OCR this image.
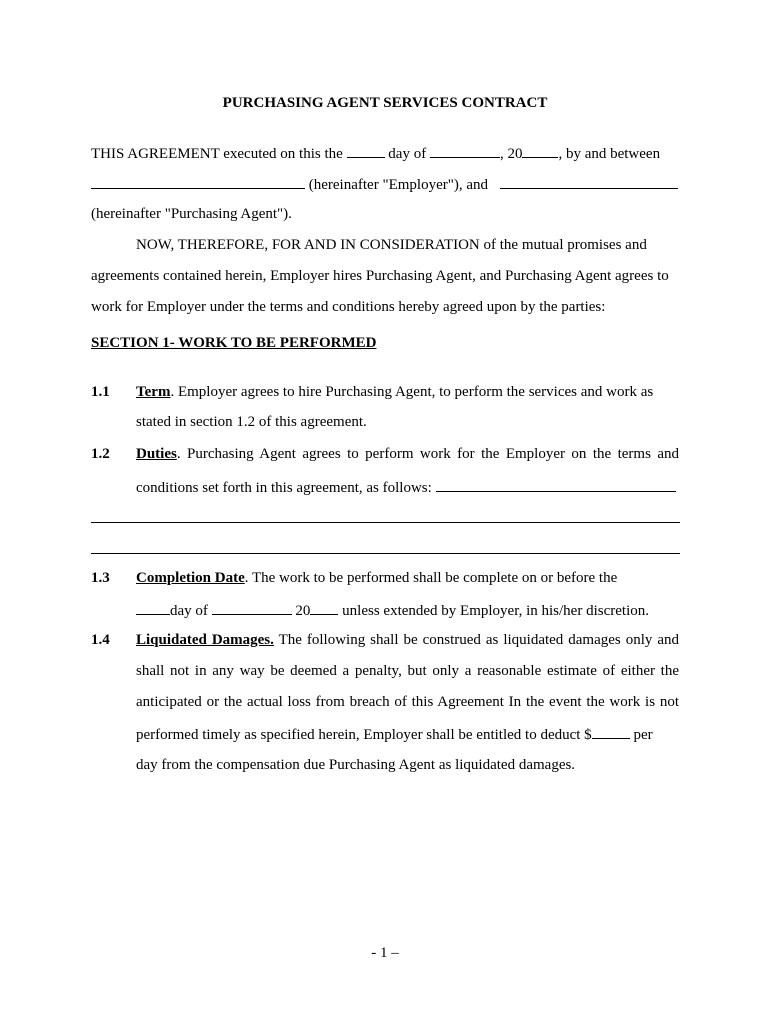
PURCHASING AGENT SERVICES CONTRACT
THIS AGREEMENT executed on this the	day of	, 20 , by and between
(hereinafter "Employer"), and
(hereinafter "Purchasing Agent").
NOW, THEREFORE, FOR AND IN CONSIDERATION of the mutual promises and
agreements contained herein, Employer hires Purchasing Agent, and Purchasing Agent agrees to
work for Employer under the terms and conditions hereby agreed upon by the parties:
SECTION 1- WORK TO BE PERFORMED
1.1 Term. Employer agrees to hire Purchasing Agent, to perform the services and work as
stated in section 1.2 of this agreement.
1.2 Duties. Purchasing Agent agrees to perform work for the Employer on the terms and
conditions set forth in this agreement, as follows:
1.3 Completion Date. The work to be performed shall be complete on or before the
day of	20 unless extended by Employer, in his/her discretion.
1.4 Liquidated Damages. The following shall be construed as liquidated damages only and
shall not in any way be deemed a penalty, but only a reasonable estimate of either the
anticipated or the actual loss from breach of this Agreement In the event the work is not
performed timely as specified herein, Employer shall be entitled to deduct $	per
day from the compensation due Purchasing Agent as liquidated damages.
- 1 –
